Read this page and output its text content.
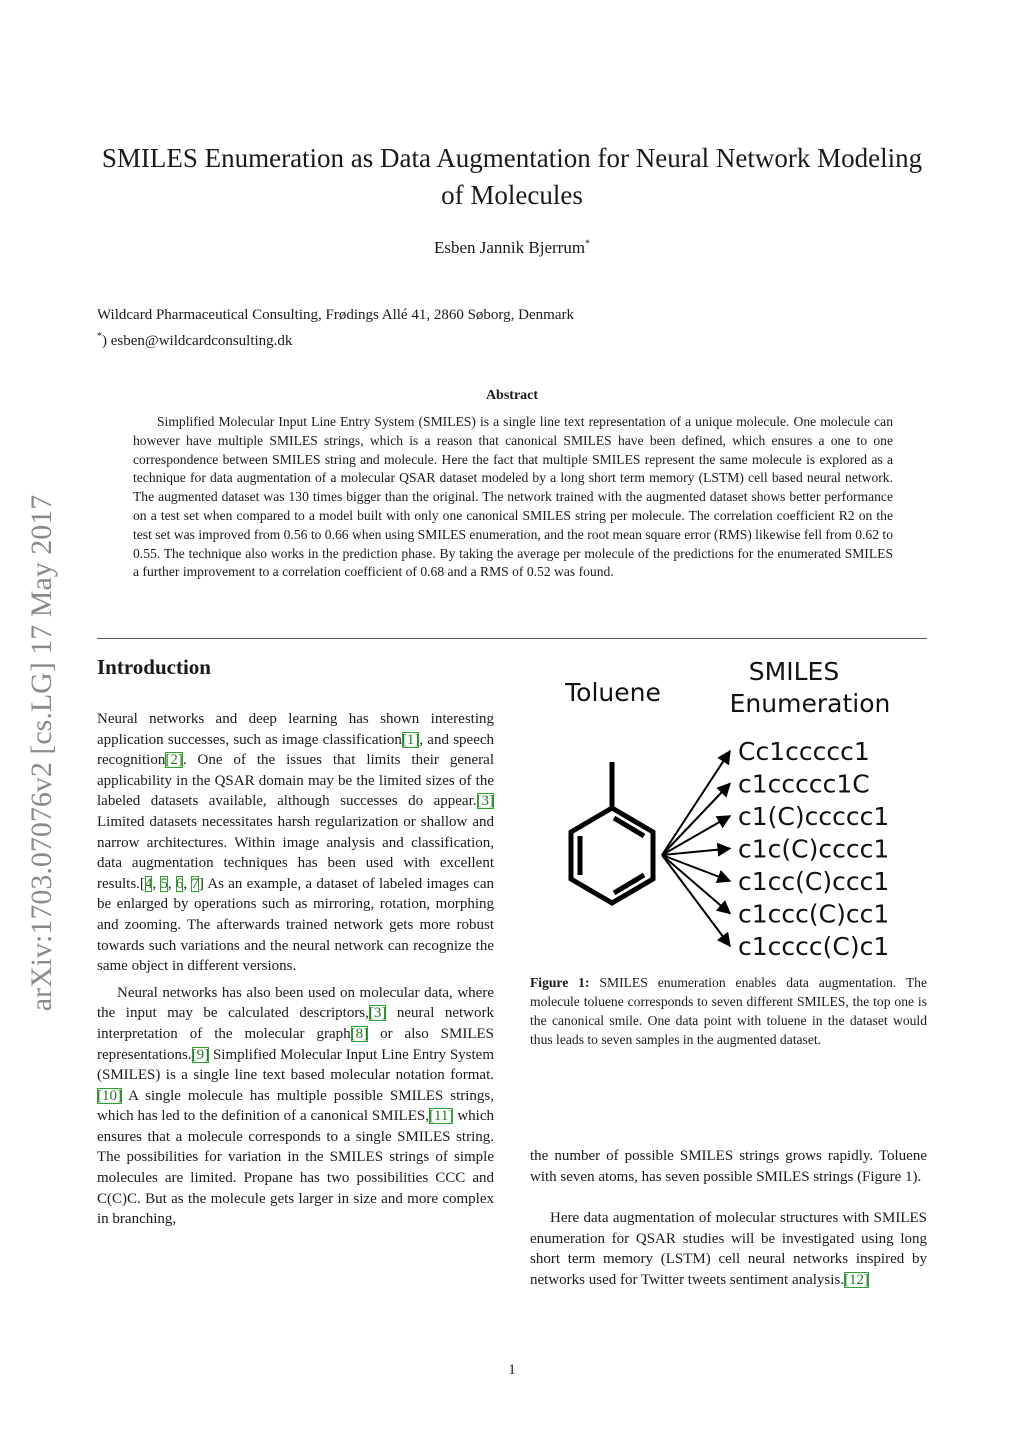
arXiv:1703.07076v2 [cs.LG] 17 May 2017
SMILES Enumeration as Data Augmentation for Neural Network Modeling of Molecules
Esben Jannik Bjerrum*
Wildcard Pharmaceutical Consulting, Frødings Allé 41, 2860 Søborg, Denmark
*) esben@wildcardconsulting.dk
Abstract
Simplified Molecular Input Line Entry System (SMILES) is a single line text representation of a unique molecule. One molecule can however have multiple SMILES strings, which is a reason that canonical SMILES have been defined, which ensures a one to one correspondence between SMILES string and molecule. Here the fact that multiple SMILES represent the same molecule is explored as a technique for data augmentation of a molecular QSAR dataset modeled by a long short term memory (LSTM) cell based neural network. The augmented dataset was 130 times bigger than the original. The network trained with the augmented dataset shows better performance on a test set when compared to a model built with only one canonical SMILES string per molecule. The correlation coefficient R2 on the test set was improved from 0.56 to 0.66 when using SMILES enumeration, and the root mean square error (RMS) likewise fell from 0.62 to 0.55. The technique also works in the prediction phase. By taking the average per molecule of the predictions for the enumerated SMILES a further improvement to a correlation coefficient of 0.68 and a RMS of 0.52 was found.
Introduction

Neural networks and deep learning has shown interesting application successes, such as image classification [ 1 ] , and speech recognition [ 2 ] . One of the issues that limits their general applicability in the QSAR domain may be the limited sizes of the labeled datasets available, although successes do appear. [ 3 ] Limited datasets necessitates harsh regularization or shallow and narrow architectures. Within image analysis and classification, data augmentation techniques has been used with excellent results.[4, 5, 6, 7] As an example, a dataset of labeled images can be enlarged by operations such as mirroring, rotation, morphing and zooming. The afterwards trained network gets more robust towards such variations and the neural network can recognize the same object in different versions.

Neural networks has also been used on molecular data, where the input may be calculated descriptors, [ 3 ] neural network interpretation of the molecular graph [ 8 ] or also SMILES representations. [ 9 ] Simplified Molecular Input Line Entry System (SMILES) is a single line text based molecular notation format.[ 10 ] A single molecule has multiple possible SMILES strings, which has led to the definition of a canonical SMILES, [ 11 ] which ensures that a molecule corresponds to a single SMILES string. The possibilities for variation in the SMILES strings of simple molecules are limited. Propane has two possibilities CCC and C(C)C. But as the molecule gets larger in size and more complex in branching,

Toluene
SMILES
Enumeration
Cc1ccccc1
c1ccccc1C
c1(C)ccccc1
c1c(C)cccc1
c1cc(C)ccc1
c1ccc(C)cc1
c1cccc(C)c1
Figure 1: SMILES enumeration enables data augmentation. The molecule toluene corresponds to seven different SMILES, the top one is the canonical smile. One data point with toluene in the dataset would thus leads to seven samples in the augmented dataset.

the number of possible SMILES strings grows rapidly. Toluene with seven atoms, has seven possible SMILES strings (Figure 1).

Here data augmentation of molecular structures with SMILES enumeration for QSAR studies will be investigated using long short term memory (LSTM) cell neural networks inspired by networks used for Twitter tweets sentiment analysis. [ 12 ]

1
